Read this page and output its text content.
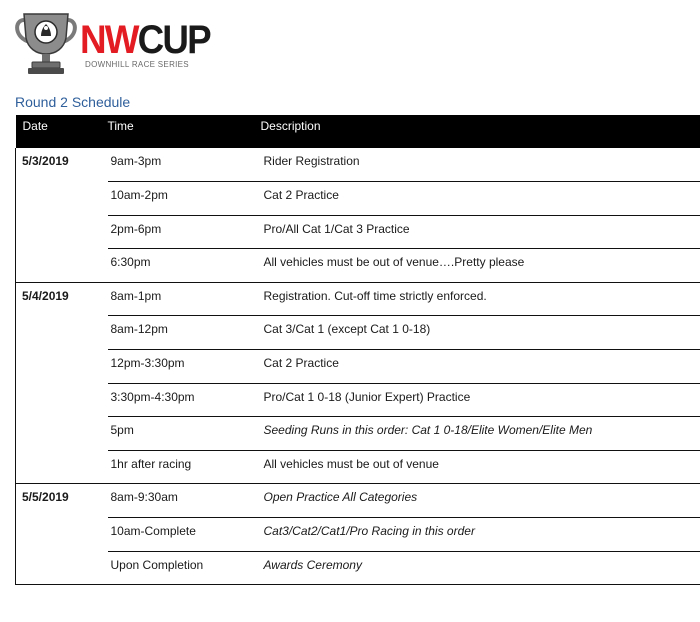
NWCUP
DOWNHILL RACE SERIES
Round 2 Schedule
Date	Time	Description
5/3/2019	9am-3pm	Rider Registration
	10am-2pm	Cat 2 Practice
	2pm-6pm	Pro/All Cat 1/Cat 3 Practice
	6:30pm	All vehicles must be out of venue….Pretty please
5/4/2019	8am-1pm	Registration. Cut-off time strictly enforced.
	8am-12pm	Cat 3/Cat 1 (except Cat 1 0-18)
	12pm-3:30pm	Cat 2 Practice
	3:30pm-4:30pm	Pro/Cat 1 0-18 (Junior Expert) Practice
	5pm	Seeding Runs in this order: Cat 1 0-18/Elite Women/Elite Men
	1hr after racing	All vehicles must be out of venue
5/5/2019	8am-9:30am	Open Practice All Categories
	10am-Complete	Cat3/Cat2/Cat1/Pro Racing in this order
	Upon Completion	Awards Ceremony
